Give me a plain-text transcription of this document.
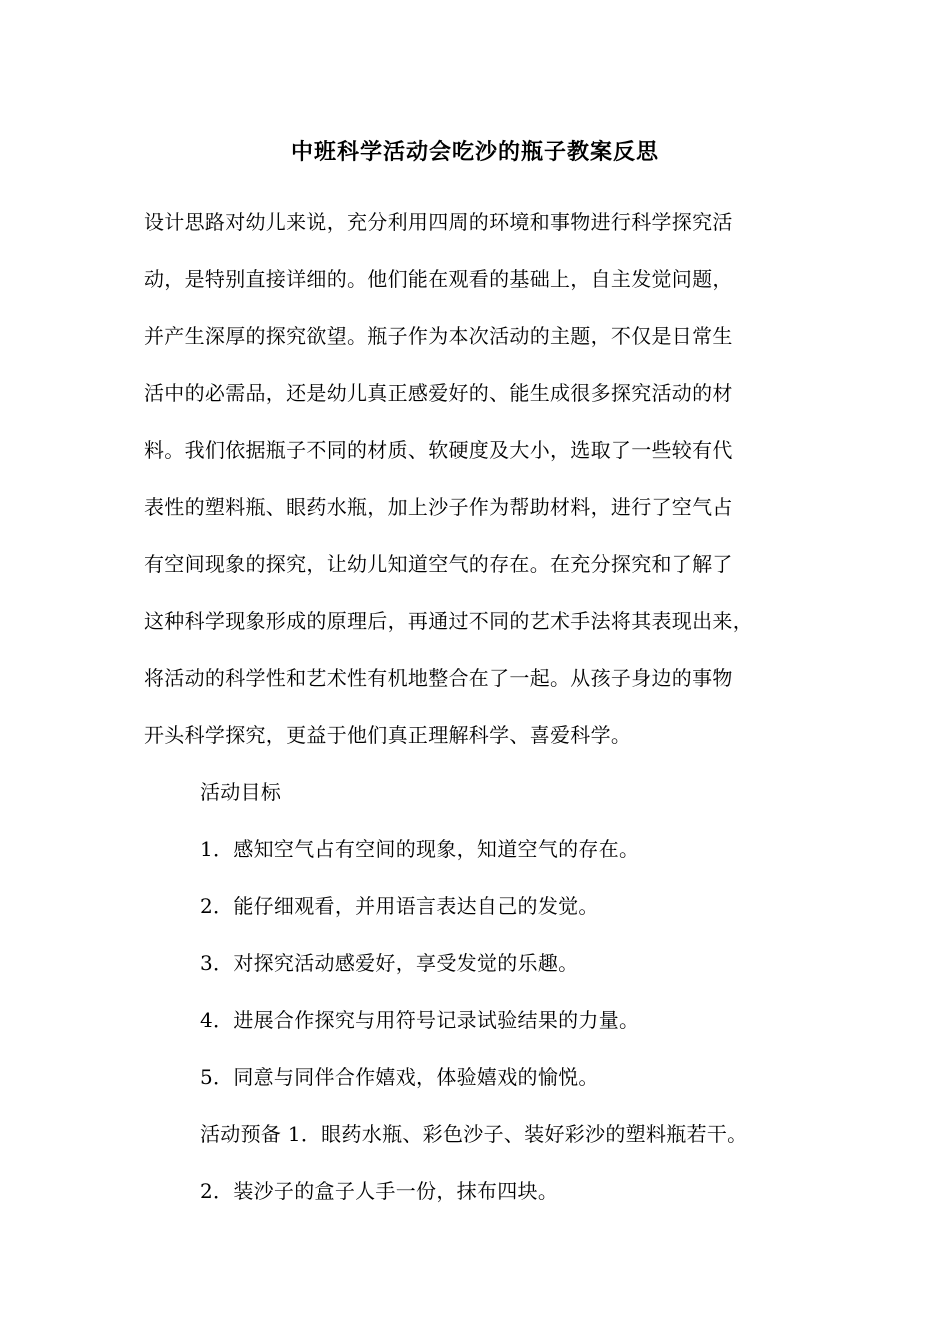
中班科学活动会吃沙的瓶子教案反思
设计思路对幼儿来说，充分利用四周的环境和事物进行科学探究活
动，是特别直接详细的。他们能在观看的基础上，自主发觉问题，
并产生深厚的探究欲望。瓶子作为本次活动的主题，不仅是日常生
活中的必需品，还是幼儿真正感爱好的、能生成很多探究活动的材
料。我们依据瓶子不同的材质、软硬度及大小，选取了一些较有代
表性的塑料瓶、眼药水瓶，加上沙子作为帮助材料，进行了空气占
有空间现象的探究，让幼儿知道空气的存在。在充分探究和了解了
这种科学现象形成的原理后，再通过不同的艺术手法将其表现出来，
将活动的科学性和艺术性有机地整合在了一起。从孩子身边的事物
开头科学探究，更益于他们真正理解科学、喜爱科学。
活动目标
1．感知空气占有空间的现象，知道空气的存在。
2．能仔细观看，并用语言表达自己的发觉。
3．对探究活动感爱好，享受发觉的乐趣。
4．进展合作探究与用符号记录试验结果的力量。
5．同意与同伴合作嬉戏，体验嬉戏的愉悦。
活动预备 1．眼药水瓶、彩色沙子、装好彩沙的塑料瓶若干。
2．装沙子的盒子人手一份，抹布四块。
